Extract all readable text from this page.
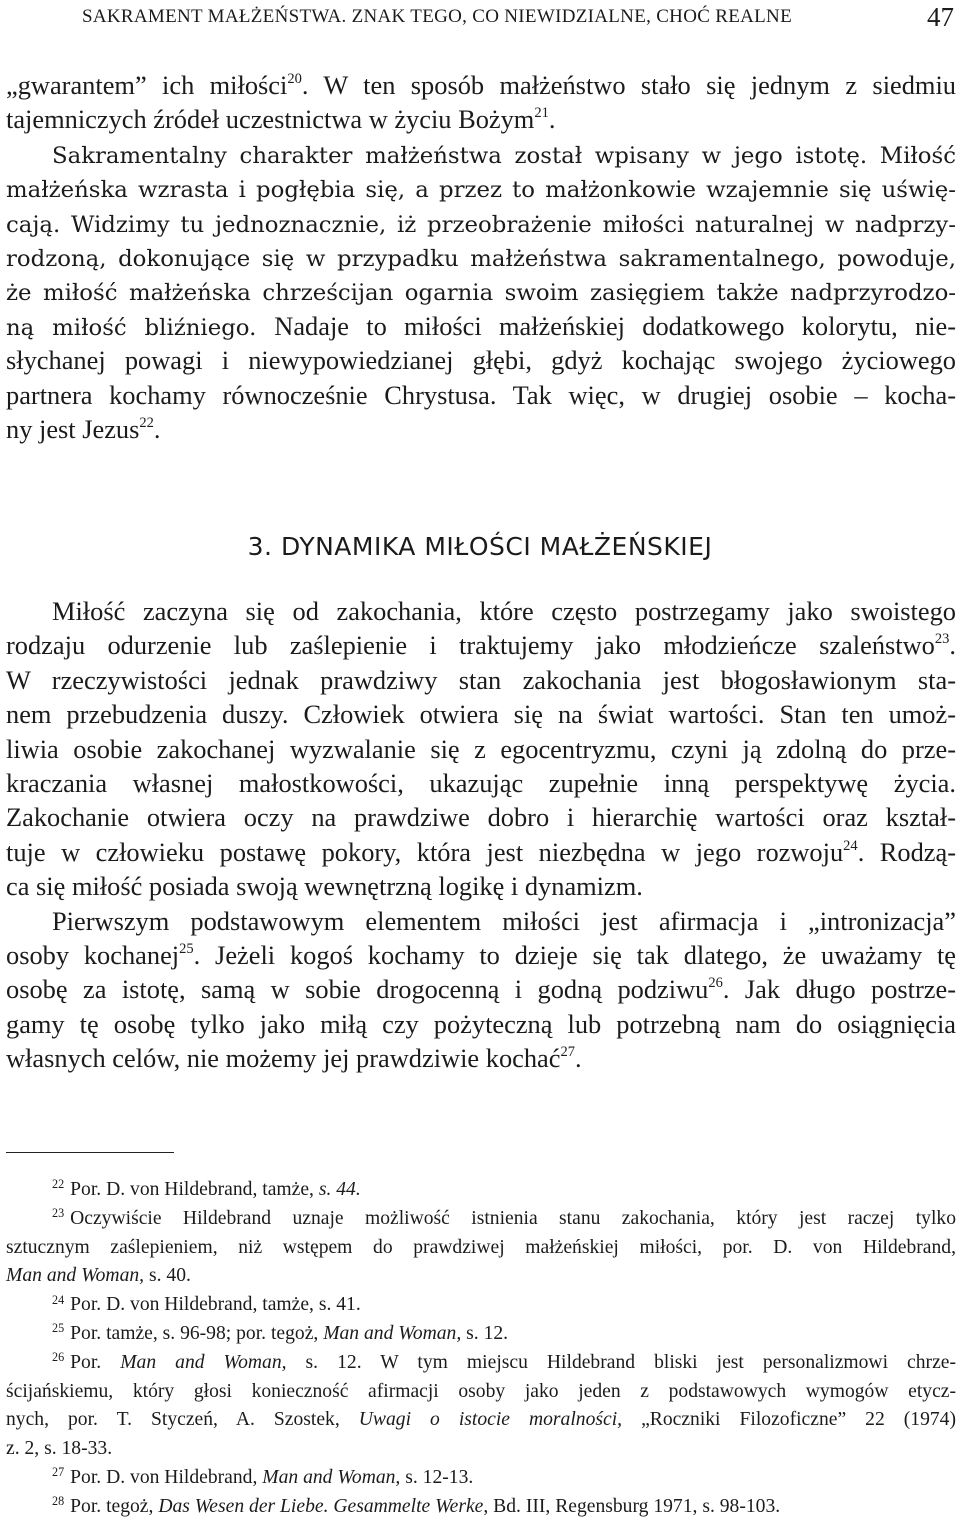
SAKRAMENT MAŁŻEŃSTWA. ZNAK TEGO, CO NIEWIDZIALNE, CHOĆ REALNE	47
„gwarantem” ich miłości$^{20}$. W ten sposób małżeństwo stało się jednym z siedmiu
tajemniczych źródeł uczestnictwa w życiu Bożym$^{21}$.
Sakramentalny charakter małżeństwa został wpisany w jego istotę. Miłość
małżeńska wzrasta i pogłębia się, a przez to małżonkowie wzajemnie się uświę-
cają. Widzimy tu jednoznacznie, iż przeobrażenie miłości naturalnej w nadprzy-
rodzoną, dokonujące się w przypadku małżeństwa sakramentalnego, powoduje,
że miłość małżeńska chrześcijan ogarnia swoim zasięgiem także nadprzyrodzo-
ną miłość bliźniego. Nadaje to miłości małżeńskiej dodatkowego kolorytu, nie-
słychanej powagi i niewypowiedzianej głębi, gdyż kochając swojego życiowego
partnera kochamy równocześnie Chrystusa. Tak więc, w drugiej osobie – kocha-
ny jest Jezus$^{22}$.
Miłość zaczyna się od zakochania, które często postrzegamy jako swoistego
rodzaju odurzenie lub zaślepienie i traktujemy jako młodzieńcze szaleństwo$^{23}$.
W rzeczywistości jednak prawdziwy stan zakochania jest błogosławionym sta-
nem przebudzenia duszy. Człowiek otwiera się na świat wartości. Stan ten umoż-
liwia osobie zakochanej wyzwalanie się z egocentryzmu, czyni ją zdolną do prze-
kraczania własnej małostkowości, ukazując zupełnie inną perspektywę życia.
Zakochanie otwiera oczy na prawdziwe dobro i hierarchię wartości oraz kształ-
tuje w człowieku postawę pokory, która jest niezbędna w jego rozwoju$^{24}$. Rodzą-
ca się miłość posiada swoją wewnętrzną logikę i dynamizm.
Pierwszym podstawowym elementem miłości jest afirmacja i „intronizacja”
osoby kochanej$^{25}$. Jeżeli kogoś kochamy to dzieje się tak dlatego, że uważamy tę
osobę za istotę, samą w sobie drogocenną i godną podziwu$^{26}$. Jak długo postrze-
gamy tę osobę tylko jako miłą czy pożyteczną lub potrzebną nam do osiągnięcia
własnych celów, nie możemy jej prawdziwie kochać$^{27}$.
3. DYNAMIKA MIŁOŚCI MAŁŻEŃSKIEJ
$^{22}$ Por. D. von Hildebrand, tamże, s. 44.
$^{23}$ Oczywiście Hildebrand uznaje możliwość istnienia stanu zakochania, który jest raczej tylko
sztucznym zaślepieniem, niż wstępem do prawdziwej małżeńskiej miłości, por. D. von Hildebrand,
Man and Woman, s. 40.
$^{24}$ Por. D. von Hildebrand, tamże, s. 41.
$^{25}$ Por. tamże, s. 96-98; por. tegoż, Man and Woman, s. 12.
$^{26}$ Por. Man and Woman, s. 12. W tym miejscu Hildebrand bliski jest personalizmowi chrze-
ścijańskiemu, który głosi konieczność afirmacji osoby jako jeden z podstawowych wymogów etycz-
nych, por. T. Styczeń, A. Szostek, Uwagi o istocie moralności, „Roczniki Filozoficzne” 22 (1974)
z. 2, s. 18-33.
$^{27}$ Por. D. von Hildebrand, Man and Woman, s. 12-13.
$^{28}$ Por. tegoż, Das Wesen der Liebe. Gesammelte Werke, Bd. III, Regensburg 1971, s. 98-103.
